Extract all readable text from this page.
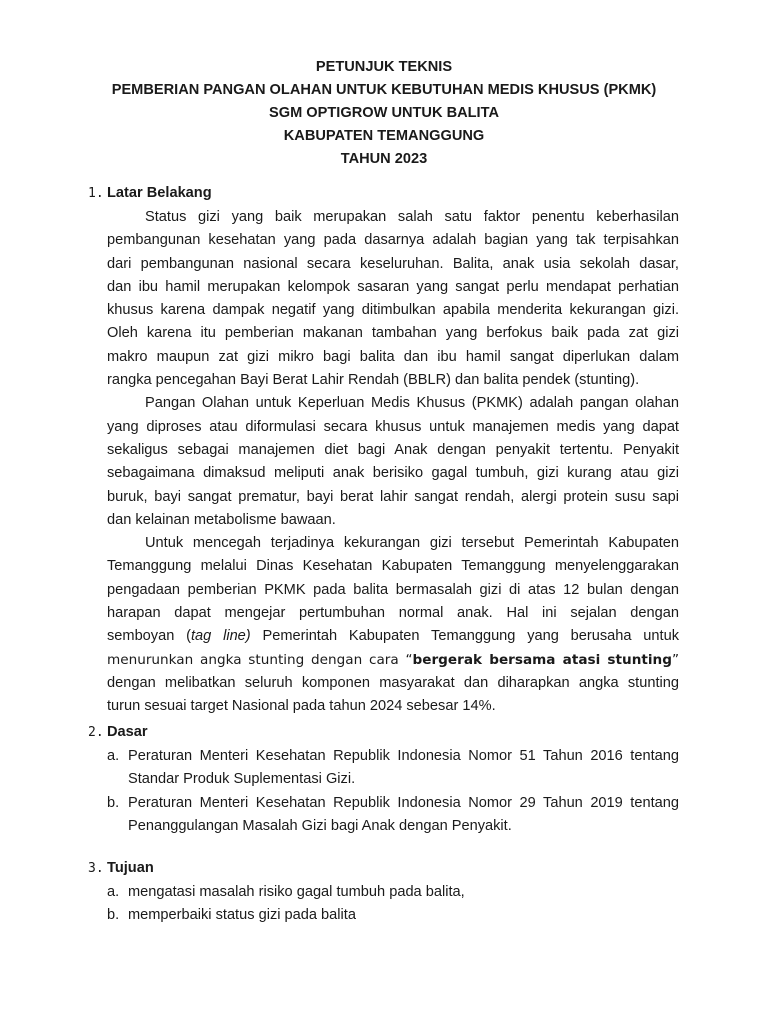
PETUNJUK TEKNIS
PEMBERIAN PANGAN OLAHAN UNTUK KEBUTUHAN MEDIS KHUSUS (PKMK)
SGM OPTIGROW UNTUK BALITA
KABUPATEN TEMANGGUNG
TAHUN 2023
1. Latar Belakang
Status gizi yang baik merupakan salah satu faktor penentu keberhasilan
pembangunan kesehatan yang pada dasarnya adalah bagian yang tak terpisahkan
dari pembangunan nasional secara keseluruhan. Balita, anak usia sekolah dasar,
dan ibu hamil merupakan kelompok sasaran yang sangat perlu mendapat perhatian
khusus karena dampak negatif yang ditimbulkan apabila menderita kekurangan gizi.
Oleh karena itu pemberian makanan tambahan yang berfokus baik pada zat gizi
makro maupun zat gizi mikro bagi balita dan ibu hamil sangat diperlukan dalam
rangka pencegahan Bayi Berat Lahir Rendah (BBLR) dan balita pendek (stunting).
Pangan Olahan untuk Keperluan Medis Khusus (PKMK) adalah pangan olahan
yang diproses atau diformulasi secara khusus untuk manajemen medis yang dapat
sekaligus sebagai manajemen diet bagi Anak dengan penyakit tertentu. Penyakit
sebagaimana dimaksud meliputi anak berisiko gagal tumbuh, gizi kurang atau gizi
buruk, bayi sangat prematur, bayi berat lahir sangat rendah, alergi protein susu sapi
dan kelainan metabolisme bawaan.
Untuk mencegah terjadinya kekurangan gizi tersebut Pemerintah Kabupaten
Temanggung melalui Dinas Kesehatan Kabupaten Temanggung menyelenggarakan
pengadaan pemberian PKMK pada balita bermasalah gizi di atas 12 bulan dengan
harapan dapat mengejar pertumbuhan normal anak. Hal ini sejalan dengan
semboyan (tag line) Pemerintah Kabupaten Temanggung yang berusaha untuk
menurunkan angka stunting dengan cara “bergerak bersama atasi stunting”
dengan melibatkan seluruh komponen masyarakat dan diharapkan angka stunting
turun sesuai target Nasional pada tahun 2024 sebesar 14%.
2. Dasar
a. Peraturan Menteri Kesehatan Republik Indonesia Nomor 51 Tahun 2016 tentang
Standar Produk Suplementasi Gizi.
b. Peraturan Menteri Kesehatan Republik Indonesia Nomor 29 Tahun 2019 tentang
Penanggulangan Masalah Gizi bagi Anak dengan Penyakit.
3. Tujuan
a. mengatasi masalah risiko gagal tumbuh pada balita,
b. memperbaiki status gizi pada balita
